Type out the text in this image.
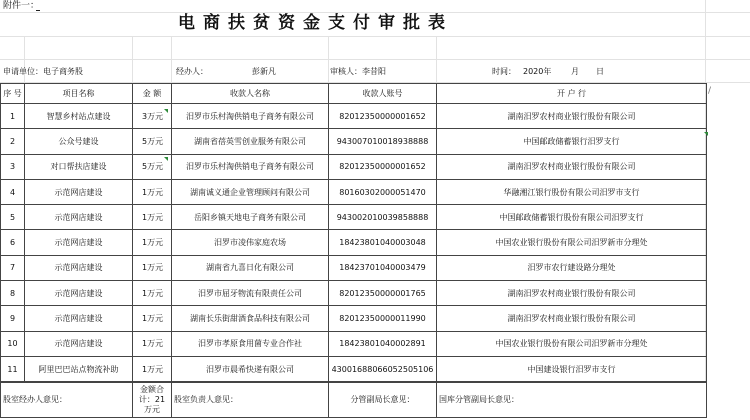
附件一：
电商扶贫资金支付审批表
申请单位：电子商务股	经办人：	彭新凡	审核人：李昔阳	时间： 2020年 月 日
/
序 号	项目名称	金 额	收款人名称	收款人账号	开 户 行
1	智慧乡村站点建设	3万元	汨罗市乐村淘供销电子商务有限公司	82012350000001652	湖南汨罗农村商业银行股份有限公司
2	公众号建设	5万元	湖南省蓓英雪创业服务有限公司	943007010018938888	中国邮政储蓄银行汨罗支行
3	对口帮扶店建设	5万元	汨罗市乐村淘供销电子商务有限公司	82012350000001652	湖南汨罗农村商业银行股份有限公司
4	示范网店建设	1万元	湖南诚义通企业管理顾问有限公司	80160302000051470	华融湘江银行股份有限公司汨罗市支行
5	示范网店建设	1万元	岳阳乡镇天地电子商务有限公司	943002010039858888	中国邮政储蓄银行股份有限公司汨罗支行
6	示范网店建设	1万元	汨罗市凌伟家庭农场	18423801040003048	中国农业银行股份有限公司汨罗新市分理处
7	示范网店建设	1万元	湖南省九喜日化有限公司	18423701040003479	汨罗市农行建设路分理处
8	示范网店建设	1万元	汨罗市屈牙物流有限责任公司	82012350000001765	湖南汨罗农村商业银行股份有限公司
9	示范网店建设	1万元	湖南长乐街甜酒食品科技有限公司	82012350000011990	湖南汨罗农村商业银行股份有限公司
10	示范网店建设	1万元	汨罗市孝原食用菌专业合作社	18423801040002891	中国农业银行股份有限公司汨罗新市分理处
11	阿里巴巴站点物流补助	1万元	汨罗市晨希快递有限公司	43001688066052505106	中国建设银行汨罗市支行
股室经办人意见：	金额合计：21万元	股室负责人意见：	分管副局长意见：	国库分管副局长意见：
